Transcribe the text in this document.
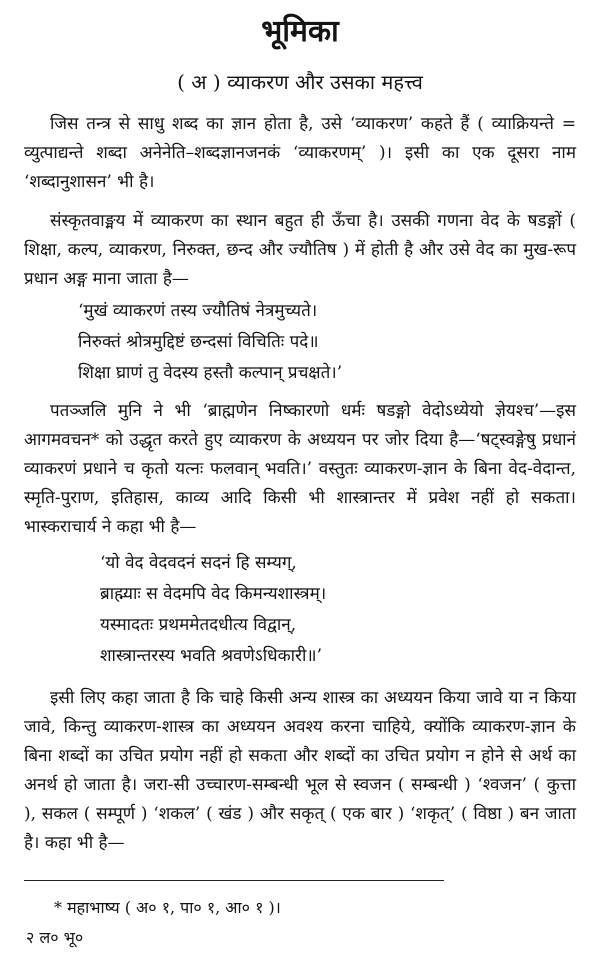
भूमिका
( अ ) व्याकरण और उसका महत्त्व

जिस तन्त्र से साधु शब्द का ज्ञान होता है, उसे ‘व्याकरण’ कहते हैं ( व्याक्रियन्ते = व्युत्पाद्यन्ते शब्दा अनेनेति–शब्दज्ञानजनकं ‘व्याकरणम्’ )। इसी का एक दूसरा नाम ‘शब्दानुशासन’ भी है।

संस्कृतवाङ्मय में व्याकरण का स्थान बहुत ही ऊँचा है। उसकी गणना वेद के षडङ्गों ( शिक्षा, कल्प, व्याकरण, निरुक्त, छन्द और ज्यौतिष ) में होती है और उसे वेद का मुख-रूप प्रधान अङ्ग माना जाता है—

‘मुखं व्याकरणं तस्य ज्यौतिषं नेत्रमुच्यते।
निरुक्तं श्रोत्रमुद्दिष्टं छन्दसां विचितिः पदे॥
शिक्षा घ्राणं तु वेदस्य हस्तौ कल्पान् प्रचक्षते।’

पतञ्जलि मुनि ने भी ‘ब्राह्मणेन निष्कारणो धर्मः षडङ्गो वेदोऽध्येयो ज्ञेयश्च’—इस आगमवचन* को उद्धृत करते हुए व्याकरण के अध्ययन पर जोर दिया है—‘षट्स्वङ्गेषु प्रधानं व्याकरणं प्रधाने च कृतो यत्नः फलवान् भवति।’ वस्तुतः व्याकरण-ज्ञान के बिना वेद-वेदान्त, स्मृति-पुराण, इतिहास, काव्य आदि किसी भी शास्त्रान्तर में प्रवेश नहीं हो सकता। भास्कराचार्य ने कहा भी है—

‘यो वेद वेदवदनं सदनं हि सम्यग्,
ब्राह्म्याः स वेदमपि वेद किमन्यशास्त्रम्।
यस्मादतः प्रथममेतदधीत्य विद्वान्,
शास्त्रान्तरस्य भवति श्रवणेऽधिकारी॥’

इसी लिए कहा जाता है कि चाहे किसी अन्य शास्त्र का अध्ययन किया जावे या न किया जावे, किन्तु व्याकरण-शास्त्र का अध्ययन अवश्य करना चाहिये, क्योंकि व्याकरण-ज्ञान के बिना शब्दों का उचित प्रयोग नहीं हो सकता और शब्दों का उचित प्रयोग न होने से अर्थ का अनर्थ हो जाता है। जरा-सी उच्चारण-सम्बन्धी भूल से स्वजन ( सम्बन्धी ) ‘श्वजन’ ( कुत्ता ), सकल ( सम्पूर्ण ) ‘शकल’ ( खंड ) और सकृत् ( एक बार ) ‘शकृत्’ ( विष्ठा ) बन जाता है। कहा भी है—

* महाभाष्य ( अ० १, पा० १, आ० १ )।
२ ल० भू०
